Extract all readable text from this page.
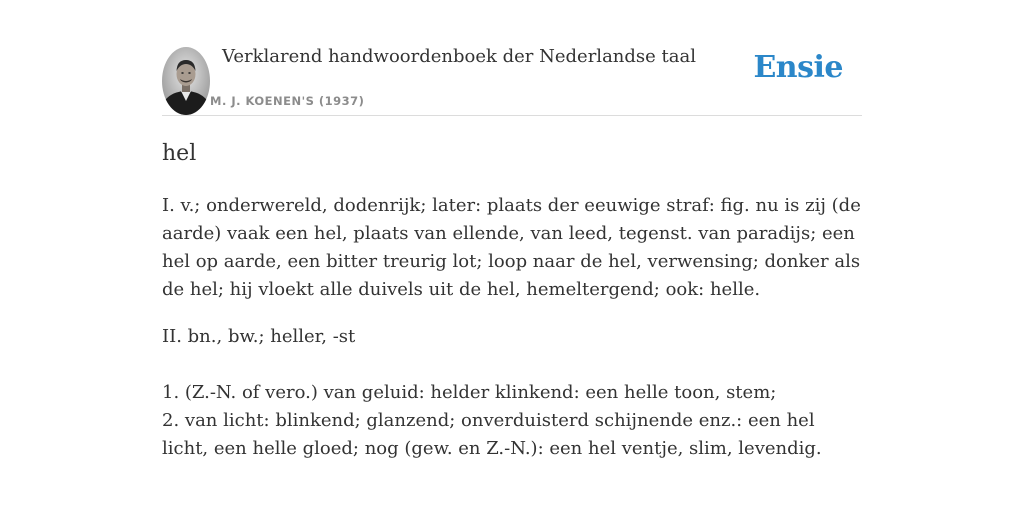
Verklarend handwoordenboek der Nederlandse taal
M. J. KOENEN'S (1937)
Ensie
hel

I. v.; onderwereld, dodenrijk; later: plaats der eeuwige straf: fig. nu is zij (de aarde) vaak een hel, plaats van ellende, van leed, tegenst. van paradijs; een hel op aarde, een bitter treurig lot; loop naar de hel, verwensing; donker als de hel; hij vloekt alle duivels uit de hel, hemeltergend; ook: helle.

II. bn., bw.; heller, -st

1. (Z.-N. of vero.) van geluid: helder klinkend: een helle toon, stem;
2. van licht: blinkend; glanzend; onverduisterd schijnende enz.: een hel licht, een helle gloed; nog (gew. en Z.-N.): een hel ventje, slim, levendig.
